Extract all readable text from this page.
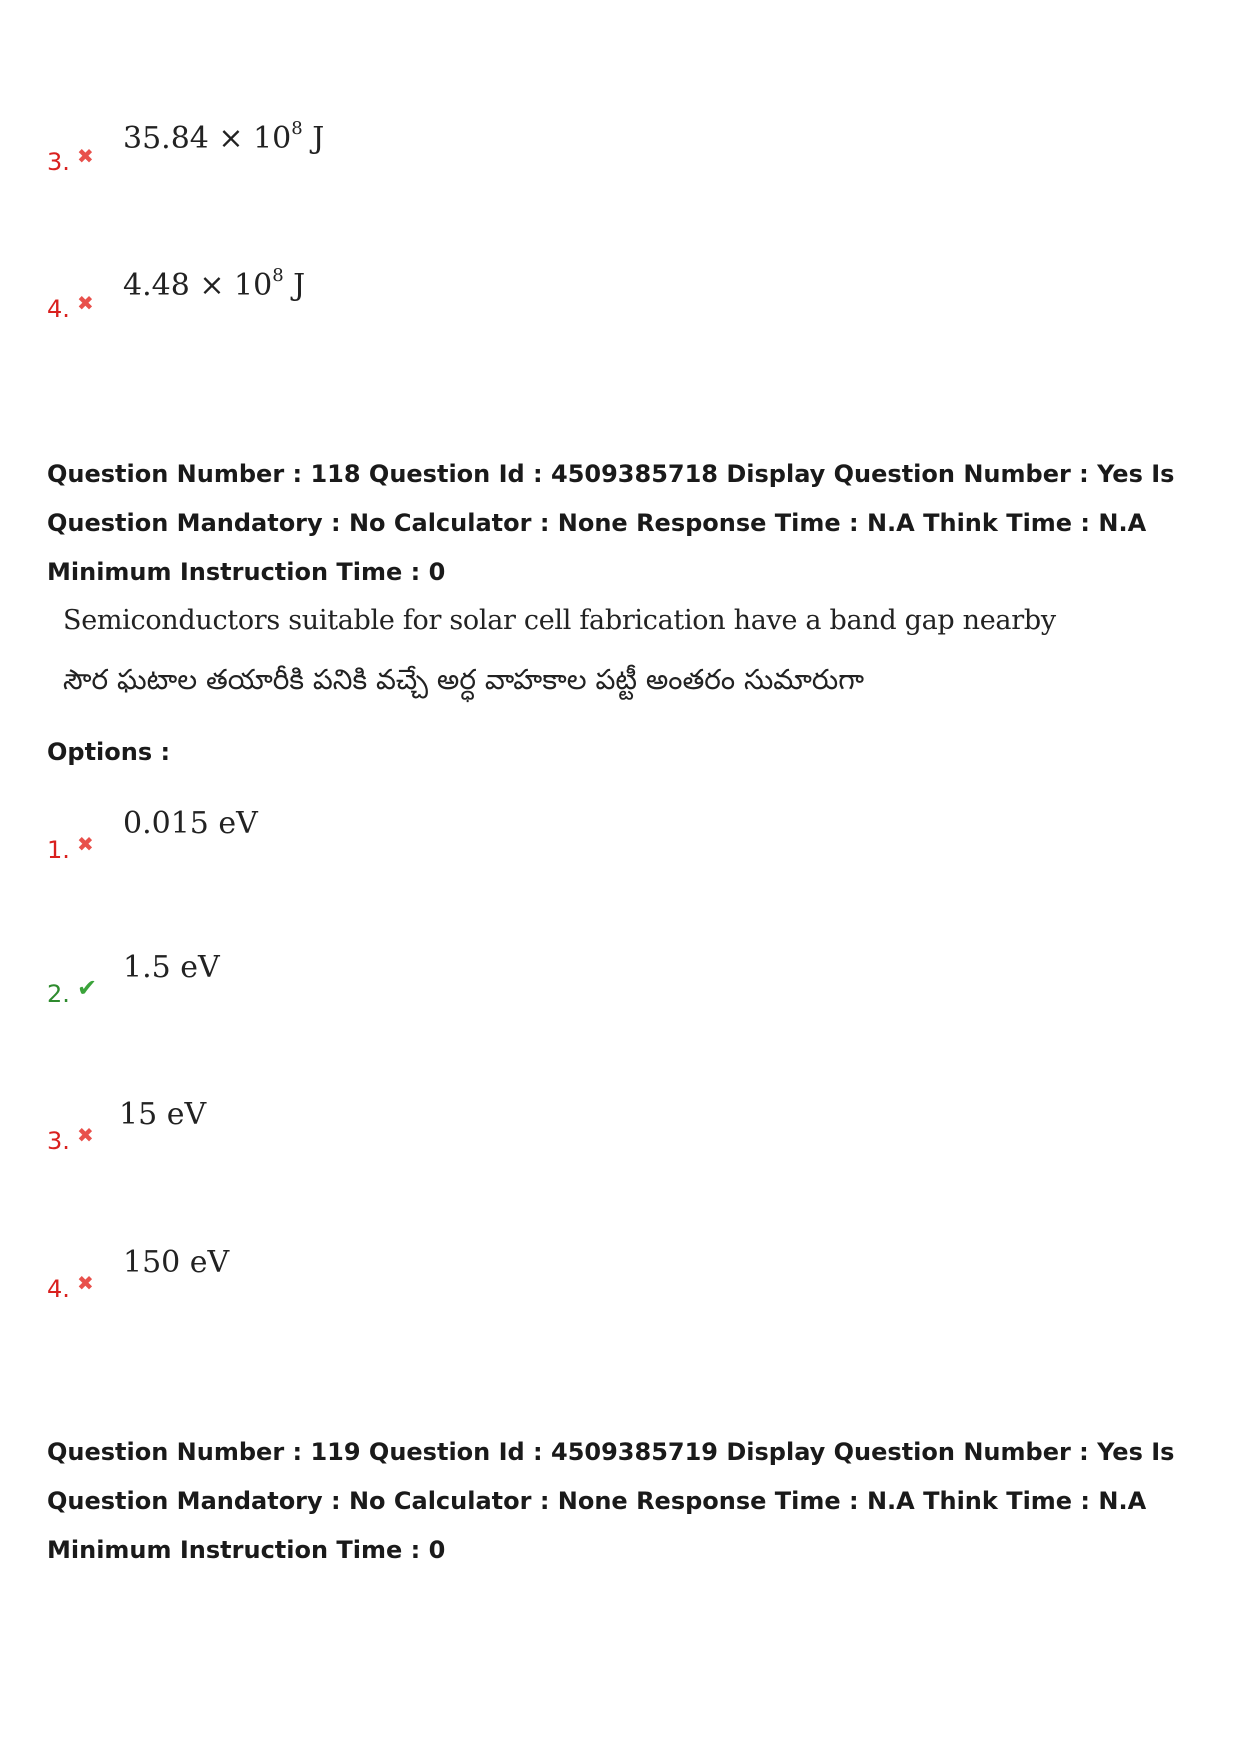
3. ✖ $35.84 \times 10^8$ J
4. ✖ $4.48 \times 10^8$ J
Question Number : 118 Question Id : 4509385718 Display Question Number : Yes Is Question Mandatory : No Calculator : None Response Time : N.A Think Time : N.A Minimum Instruction Time : 0
Semiconductors suitable for solar cell fabrication have a band gap nearby
సౌర ఘటాల తయారీకి పనికి వచ్చే అర్ధ వాహకాల పట్టీ అంతరం సుమారుగా
Options :
1. ✖
0.015 eV
2. ✔
1.5 eV
3. ✖
15 eV
4. ✖
150 eV
Question Number : 119 Question Id : 4509385719 Display Question Number : Yes Is Question Mandatory : No Calculator : None Response Time : N.A Think Time : N.A Minimum Instruction Time : 0
